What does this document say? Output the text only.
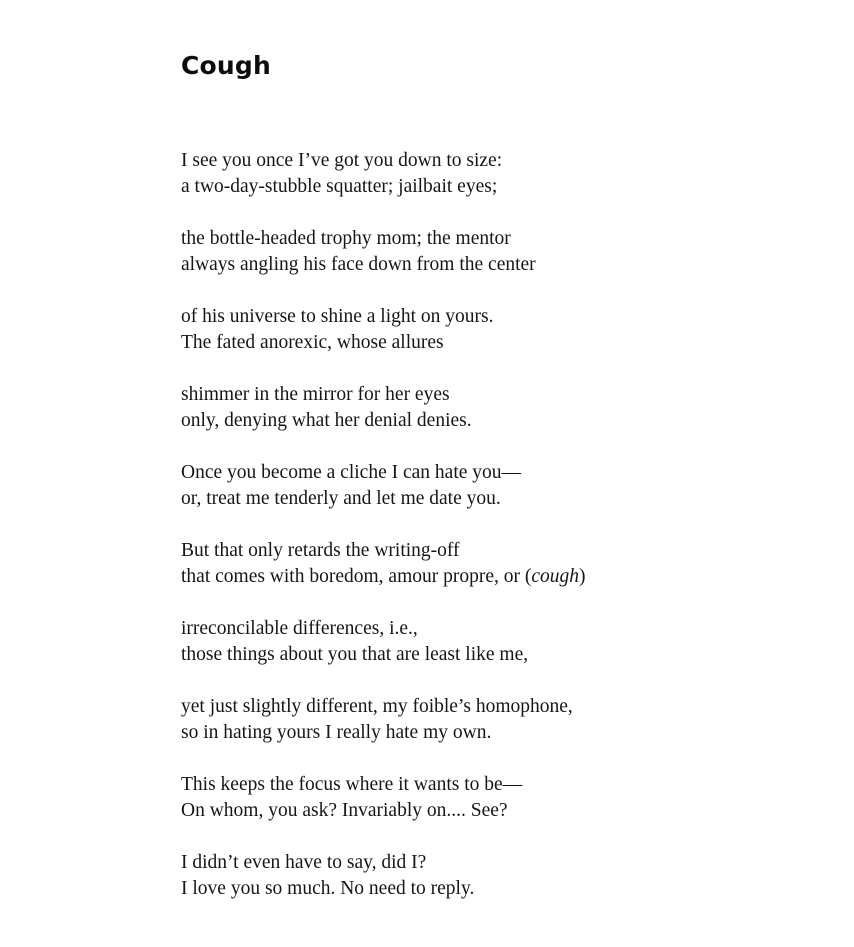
Cough
I see you once I’ve got you down to size:
a two-day-stubble squatter; jailbait eyes;
the bottle-headed trophy mom; the mentor
always angling his face down from the center
of his universe to shine a light on yours.
The fated anorexic, whose allures
shimmer in the mirror for her eyes
only, denying what her denial denies.
Once you become a cliche I can hate you—
or, treat me tenderly and let me date you.
But that only retards the writing-off
that comes with boredom, amour propre, or (cough)
irreconcilable differences, i.e.,
those things about you that are least like me,
yet just slightly different, my foible’s homophone,
so in hating yours I really hate my own.
This keeps the focus where it wants to be—
On whom, you ask? Invariably on.... See?
I didn’t even have to say, did I?
I love you so much. No need to reply.
